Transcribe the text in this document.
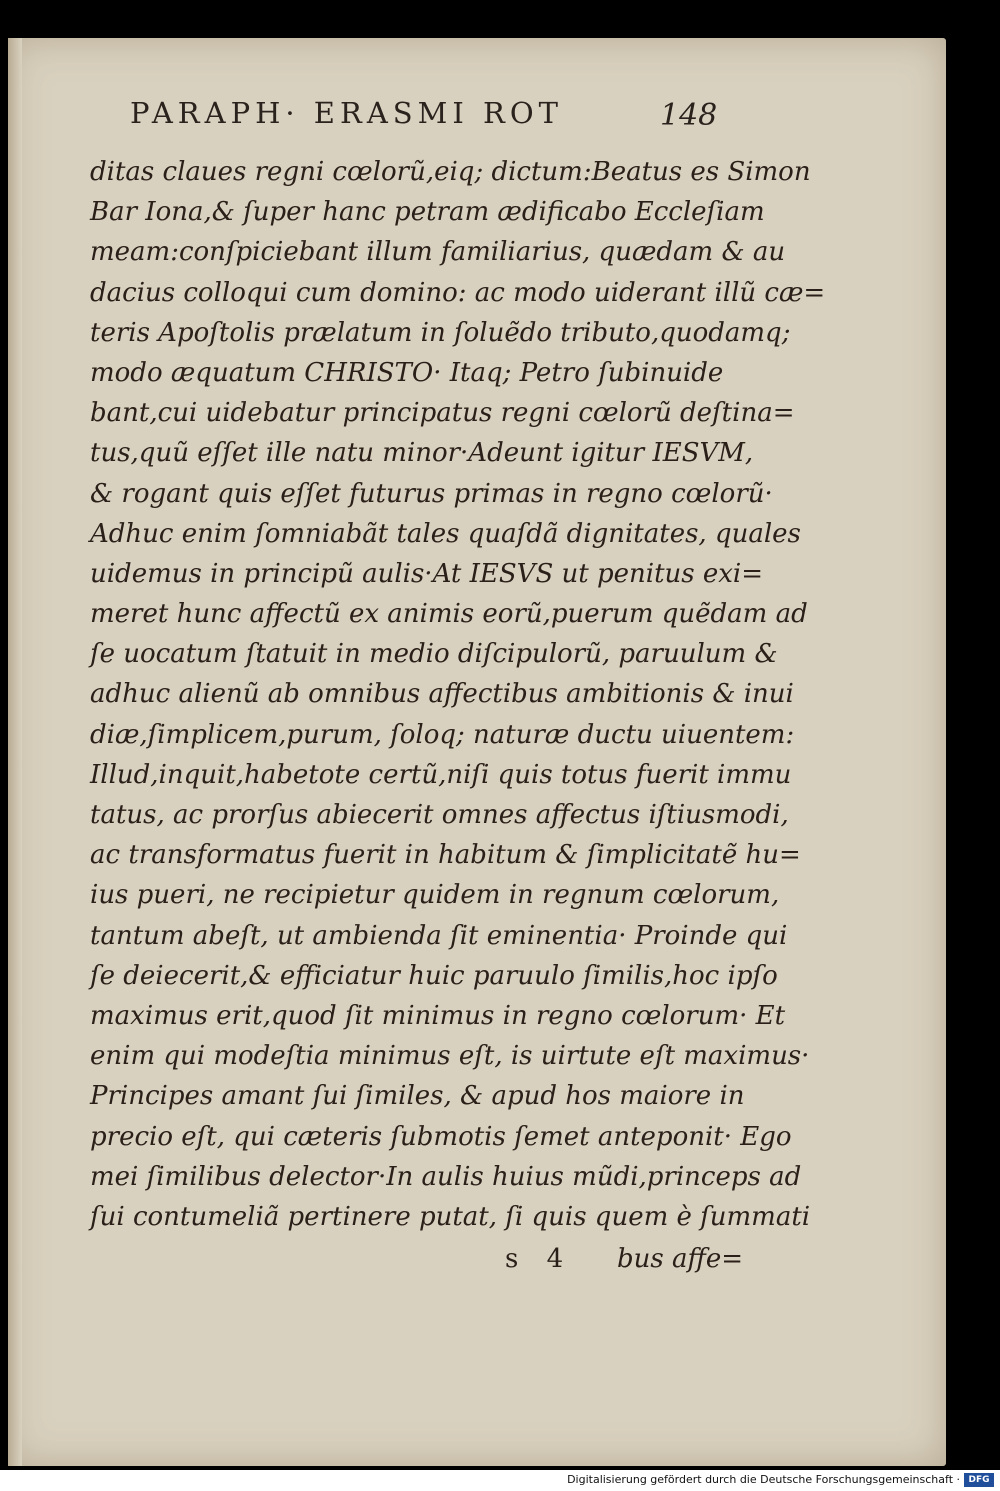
PARAPH· ERASMI ROT	148
ditas claues regni cœlorũ,eiq; dictum:Beatus es Simon
Bar Iona,& ſuper hanc petram ædificabo Eccleſiam
meam:conſpiciebant illum familiarius, quædam & au
dacius colloqui cum domino: ac modo uiderant illũ cæ=
teris Apoſtolis prælatum in ſoluẽdo tributo,quodamq;
modo æquatum CHRISTO· Itaq; Petro ſubinuide
bant,cui uidebatur principatus regni cœlorũ deſtina=
tus,quũ eſſet ille natu minor·Adeunt igitur IESVM,
& rogant quis eſſet futurus primas in regno cœlorũ·
Adhuc enim ſomniabãt tales quaſdã dignitates, quales
uidemus in principũ aulis·At IESVS ut penitus exi=
meret hunc affectũ ex animis eorũ,puerum quẽdam ad
ſe uocatum ſtatuit in medio diſcipulorũ, paruulum &
adhuc alienũ ab omnibus affectibus ambitionis & inui
diæ,ſimplicem,purum, ſoloq; naturæ ductu uiuentem:
Illud,inquit,habetote certũ,niſi quis totus fuerit immu
tatus, ac prorſus abiecerit omnes affectus iſtiusmodi,
ac transformatus fuerit in habitum & ſimplicitatẽ hu=
ius pueri, ne recipietur quidem in regnum cœlorum,
tantum abeſt, ut ambienda ſit eminentia· Proinde qui
ſe deiecerit,& efficiatur huic paruulo ſimilis,hoc ipſo
maximus erit,quod ſit minimus in regno cœlorum· Et
enim qui modeſtia minimus eſt, is uirtute eſt maximus·
Principes amant ſui ſimiles, & apud hos maiore in
precio eſt, qui cæteris ſubmotis ſemet anteponit· Ego
mei ſimilibus delector·In aulis huius mũdi,princeps ad
ſui contumeliã pertinere putat, ſi quis quem è ſummati
s 4 bus affe=
Digitalisierung gefördert durch die Deutsche Forschungsgemeinschaft · DFG
